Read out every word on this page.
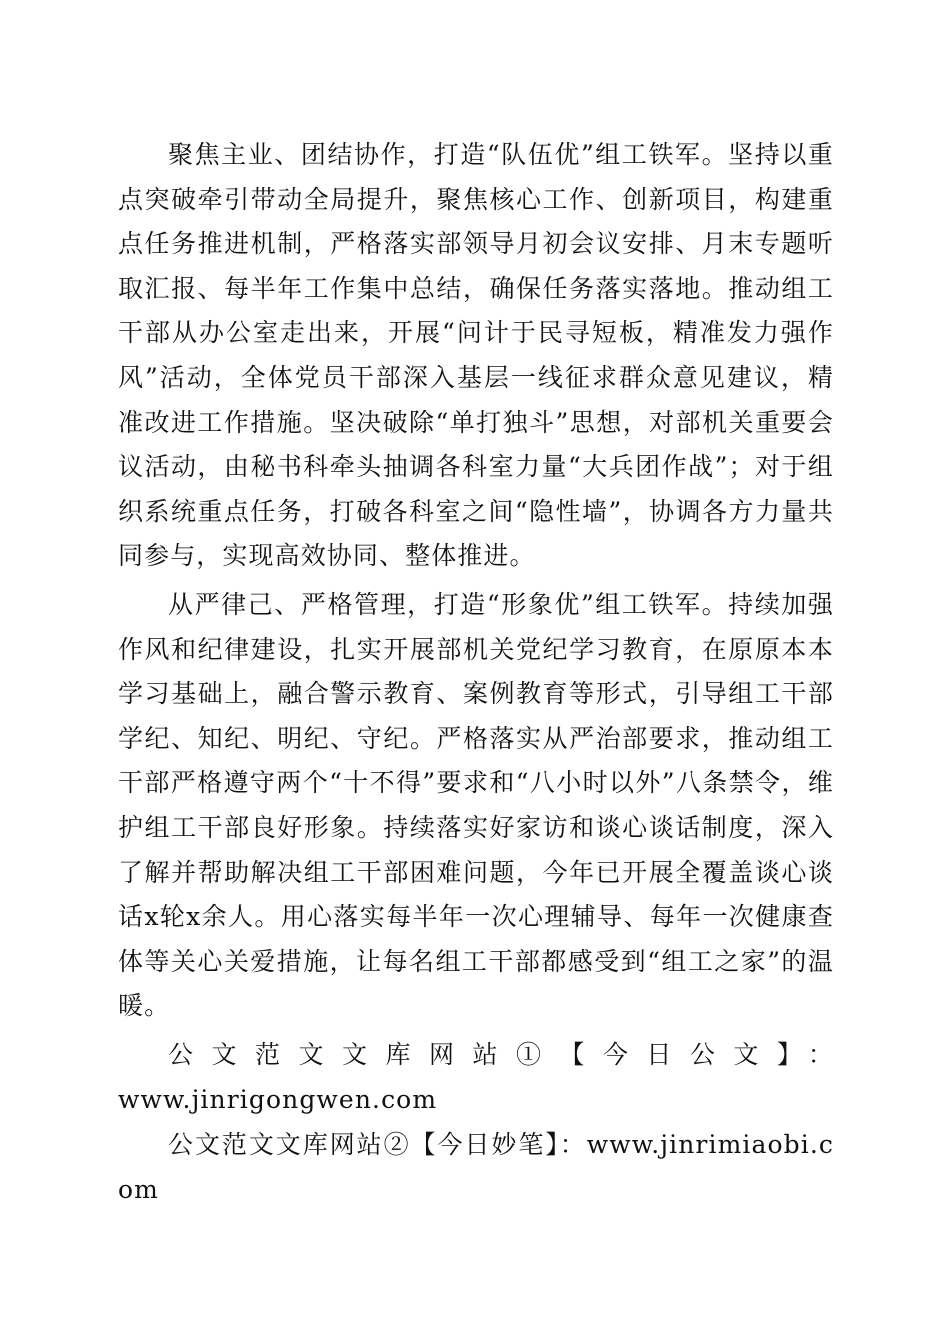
聚焦主业、团结协作，打造“队伍优”组工铁军。坚持以重点突破牵引带动全局提升，聚焦核心工作、创新项目，构建重点任务推进机制，严格落实部领导月初会议安排、月末专题听取汇报、每半年工作集中总结，确保任务落实落地。推动组工干部从办公室走出来，开展“问计于民寻短板，精准发力强作风”活动，全体党员干部深入基层一线征求群众意见建议，精准改进工作措施。坚决破除“单打独斗”思想，对部机关重要会议活动，由秘书科牵头抽调各科室力量“大兵团作战”；对于组织系统重点任务，打破各科室之间“隐性墙”，协调各方力量共同参与，实现高效协同、整体推进。

从严律己、严格管理，打造“形象优”组工铁军。持续加强作风和纪律建设，扎实开展部机关党纪学习教育，在原原本本学习基础上，融合警示教育、案例教育等形式，引导组工干部学纪、知纪、明纪、守纪。严格落实从严治部要求，推动组工干部严格遵守两个“十不得”要求和“八小时以外”八条禁令，维护组工干部良好形象。持续落实好家访和谈心谈话制度，深入了解并帮助解决组工干部困难问题，今年已开展全覆盖谈心谈话x轮x余人。用心落实每半年一次心理辅导、每年一次健康查体等关心关爱措施，让每名组工干部都感受到“组工之家”的温暖。

公文范文文库网站①【今日公文】：

www.jinrigongwen.com

公文范文文库网站②【今日妙笔】：www.jinrimiaobi.com
